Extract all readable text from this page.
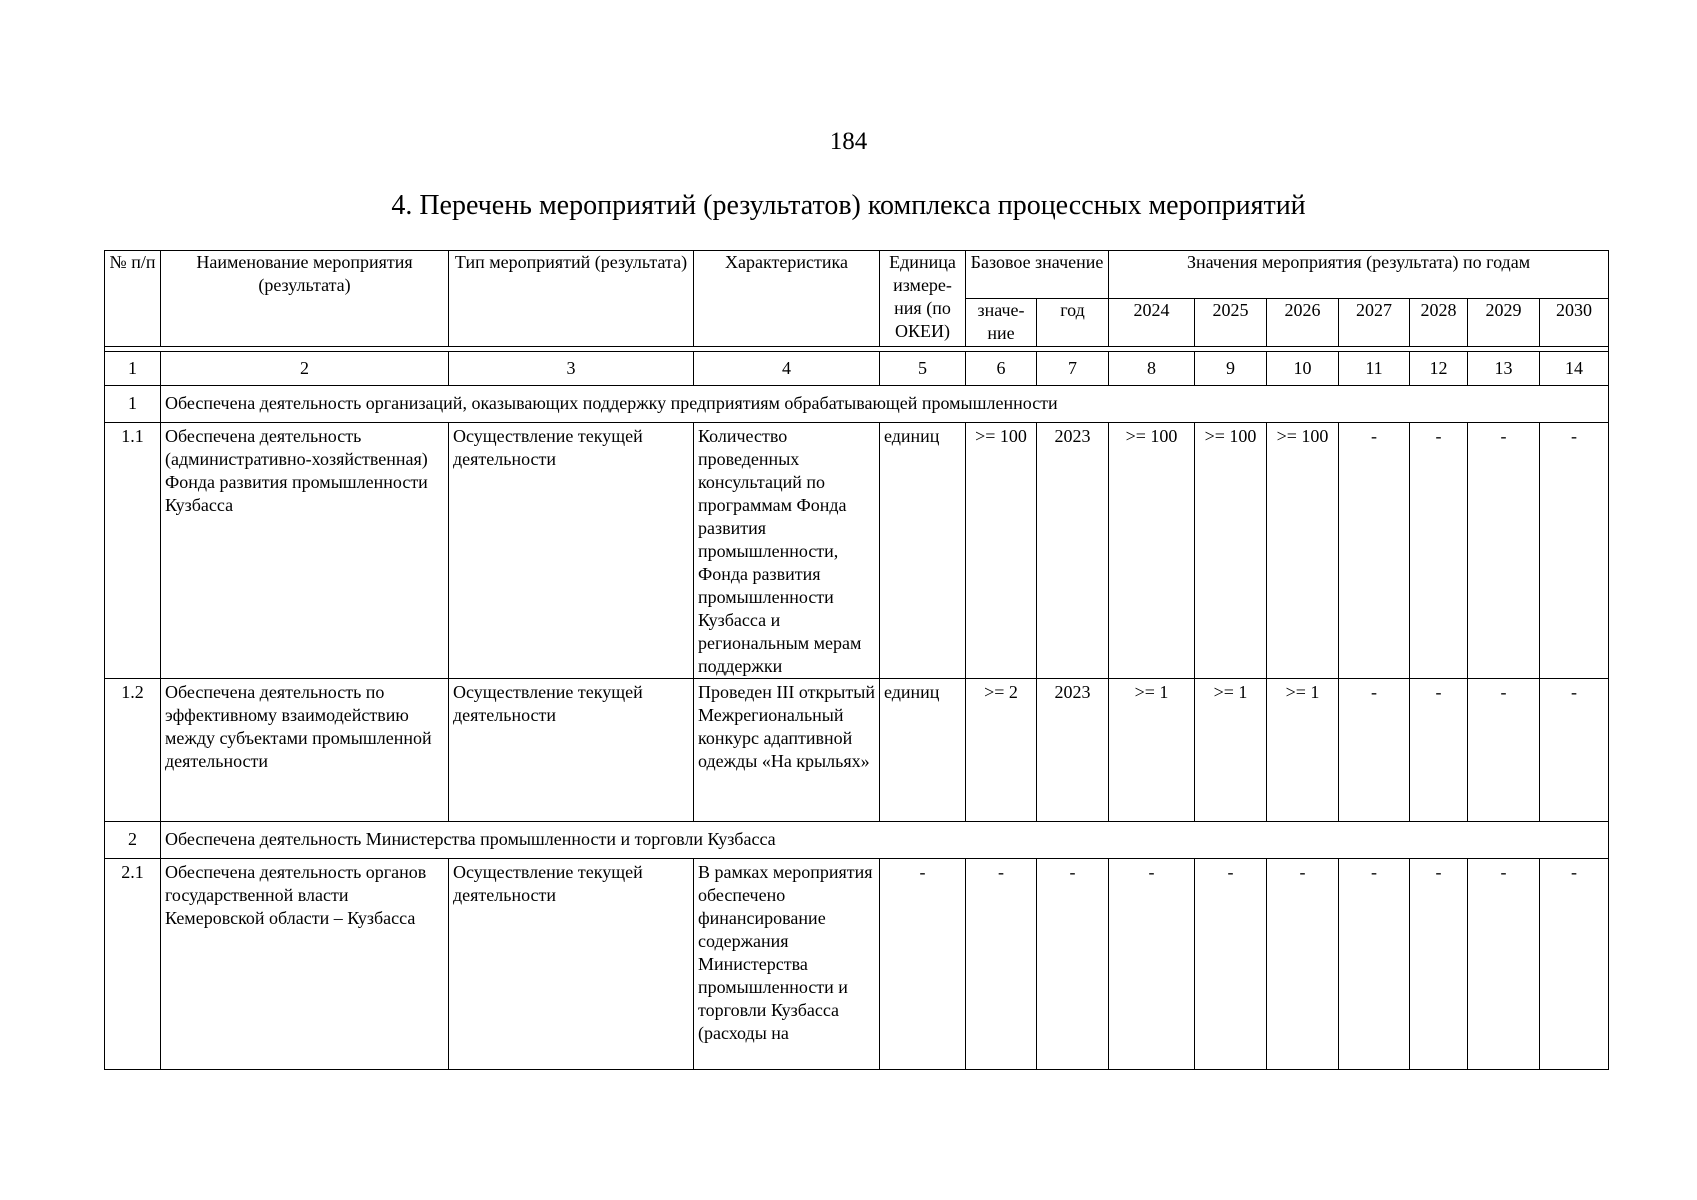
184
4. Перечень мероприятий (результатов) комплекса процессных мероприятий
№ п/п	Наименование мероприятия (результата)	Тип мероприятий (результата)	Характеристика	Единица измере-ния (по ОКЕИ)	Базовое значение		Значения мероприятия (результата) по годам						
					значе-ние	год	2024	2025	2026	2027	2028	2029	2030

1	2	3	4	5	6	7	8	9	10	11	12	13	14
1	Обеспечена деятельность организаций, оказывающих поддержку предприятиям обрабатывающей промышленности												
1.1	Обеспечена деятельность (административно-хозяйственная) Фонда развития промышленности Кузбасса	Осуществление текущей деятельности	Количество проведенных консультаций по программам Фонда развития промышленности, Фонда развития промышленности Кузбасса и региональным мерам поддержки	единиц	>= 100	2023	>= 100	>= 100	>= 100	-	-	-	-
1.2	Обеспечена деятельность по эффективному взаимодействию между субъектами промышленной деятельности	Осуществление текущей деятельности	Проведен III открытый Межрегиональный конкурс адаптивной одежды «На крыльях»	единиц	>= 2	2023	>= 1	>= 1	>= 1	-	-	-	-
2	Обеспечена деятельность Министерства промышленности и торговли Кузбасса												
2.1	Обеспечена деятельность органов государственной власти Кемеровской области – Кузбасса	Осуществление текущей деятельности	В рамках мероприятия обеспечено финансирование содержания Министерства промышленности и торговли Кузбасса (расходы на	-	-	-	-	-	-	-	-	-	-
